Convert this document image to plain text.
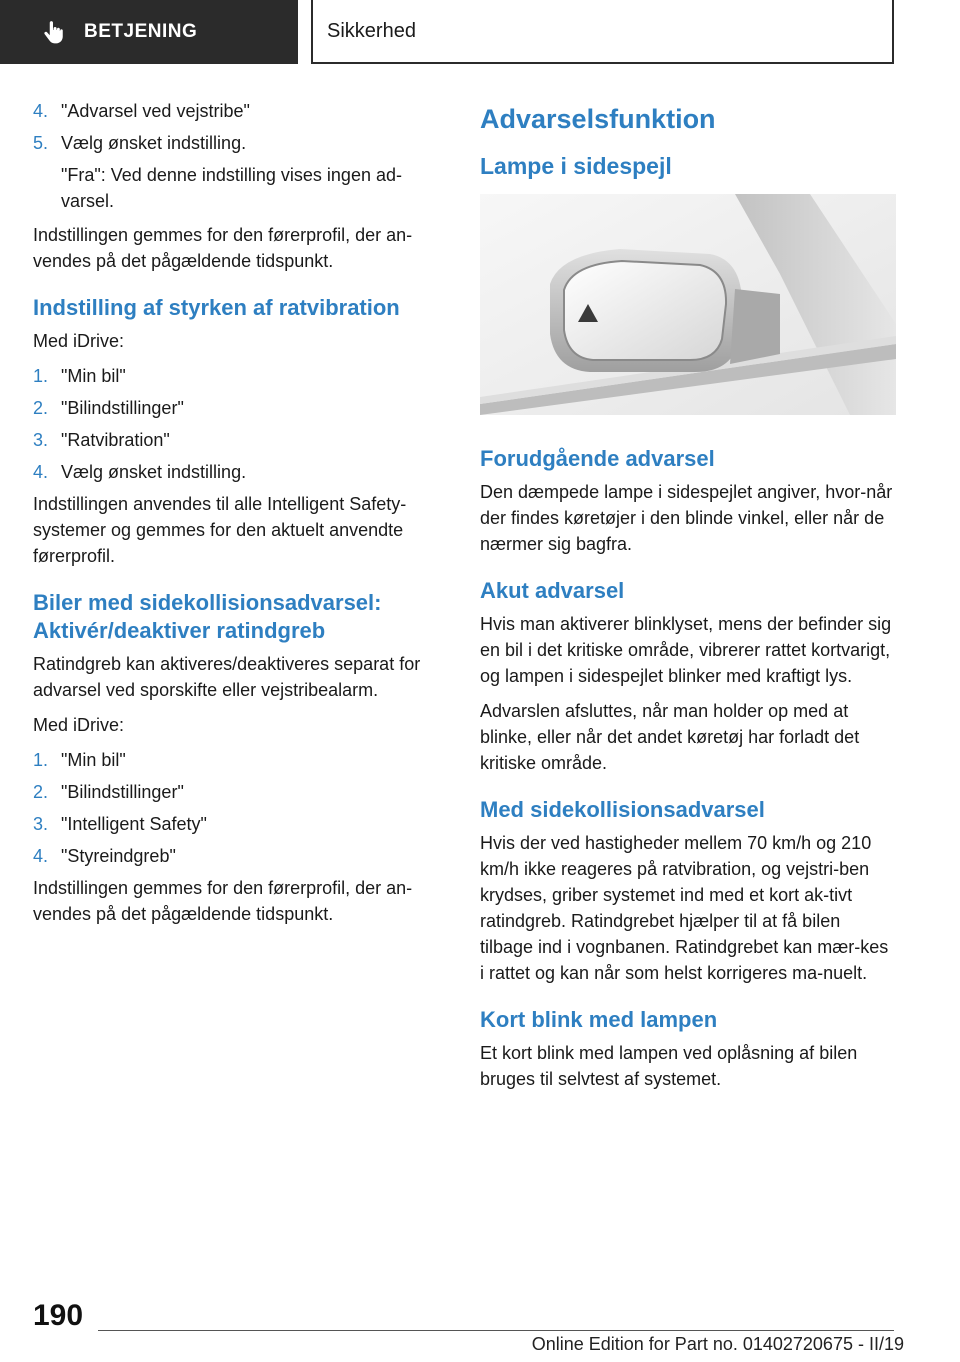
BETJENING	Sikkerhed
4. "Advarsel ved vejstribe"
5. Vælg ønsket indstilling.

"Fra": Ved denne indstilling vises ingen ad-varsel.

Indstillingen gemmes for den førerprofil, der an-vendes på det pågældende tidspunkt.

Indstilling af styrken af ratvibration

Med iDrive:

1. "Min bil"
2. "Bilindstillinger"
3. "Ratvibration"
4. Vælg ønsket indstilling.

Indstillingen anvendes til alle Intelligent Safety-systemer og gemmes for den aktuelt anvendte førerprofil.

Biler med sidekollisionsadvarsel: Aktivér/deaktiver ratindgreb

Ratindgreb kan aktiveres/deaktiveres separat for advarsel ved sporskifte eller vejstribealarm.

Med iDrive:

1. "Min bil"
2. "Bilindstillinger"
3. "Intelligent Safety"
4. "Styreindgreb"

Indstillingen gemmes for den førerprofil, der an-vendes på det pågældende tidspunkt.

Advarselsfunktion
Lampe i sidespejl
Forudgående advarsel

Den dæmpede lampe i sidespejlet angiver, hvor-når der findes køretøjer i den blinde vinkel, eller når de nærmer sig bagfra.

Akut advarsel

Hvis man aktiverer blinklyset, mens der befinder sig en bil i det kritiske område, vibrerer rattet kortvarigt, og lampen i sidespejlet blinker med kraftigt lys.

Advarslen afsluttes, når man holder op med at blinke, eller når det andet køretøj har forladt det kritiske område.

Med sidekollisionsadvarsel

Hvis der ved hastigheder mellem 70 km/h og 210 km/h ikke reageres på ratvibration, og vejstri-ben krydses, griber systemet ind med et kort ak-tivt ratindgreb. Ratindgrebet hjælper til at få bilen tilbage ind i vognbanen. Ratindgrebet kan mær-kes i rattet og kan når som helst korrigeres ma-nuelt.

Kort blink med lampen

Et kort blink med lampen ved oplåsning af bilen bruges til selvtest af systemet.

190
Online Edition for Part no. 01402720675 - II/19
